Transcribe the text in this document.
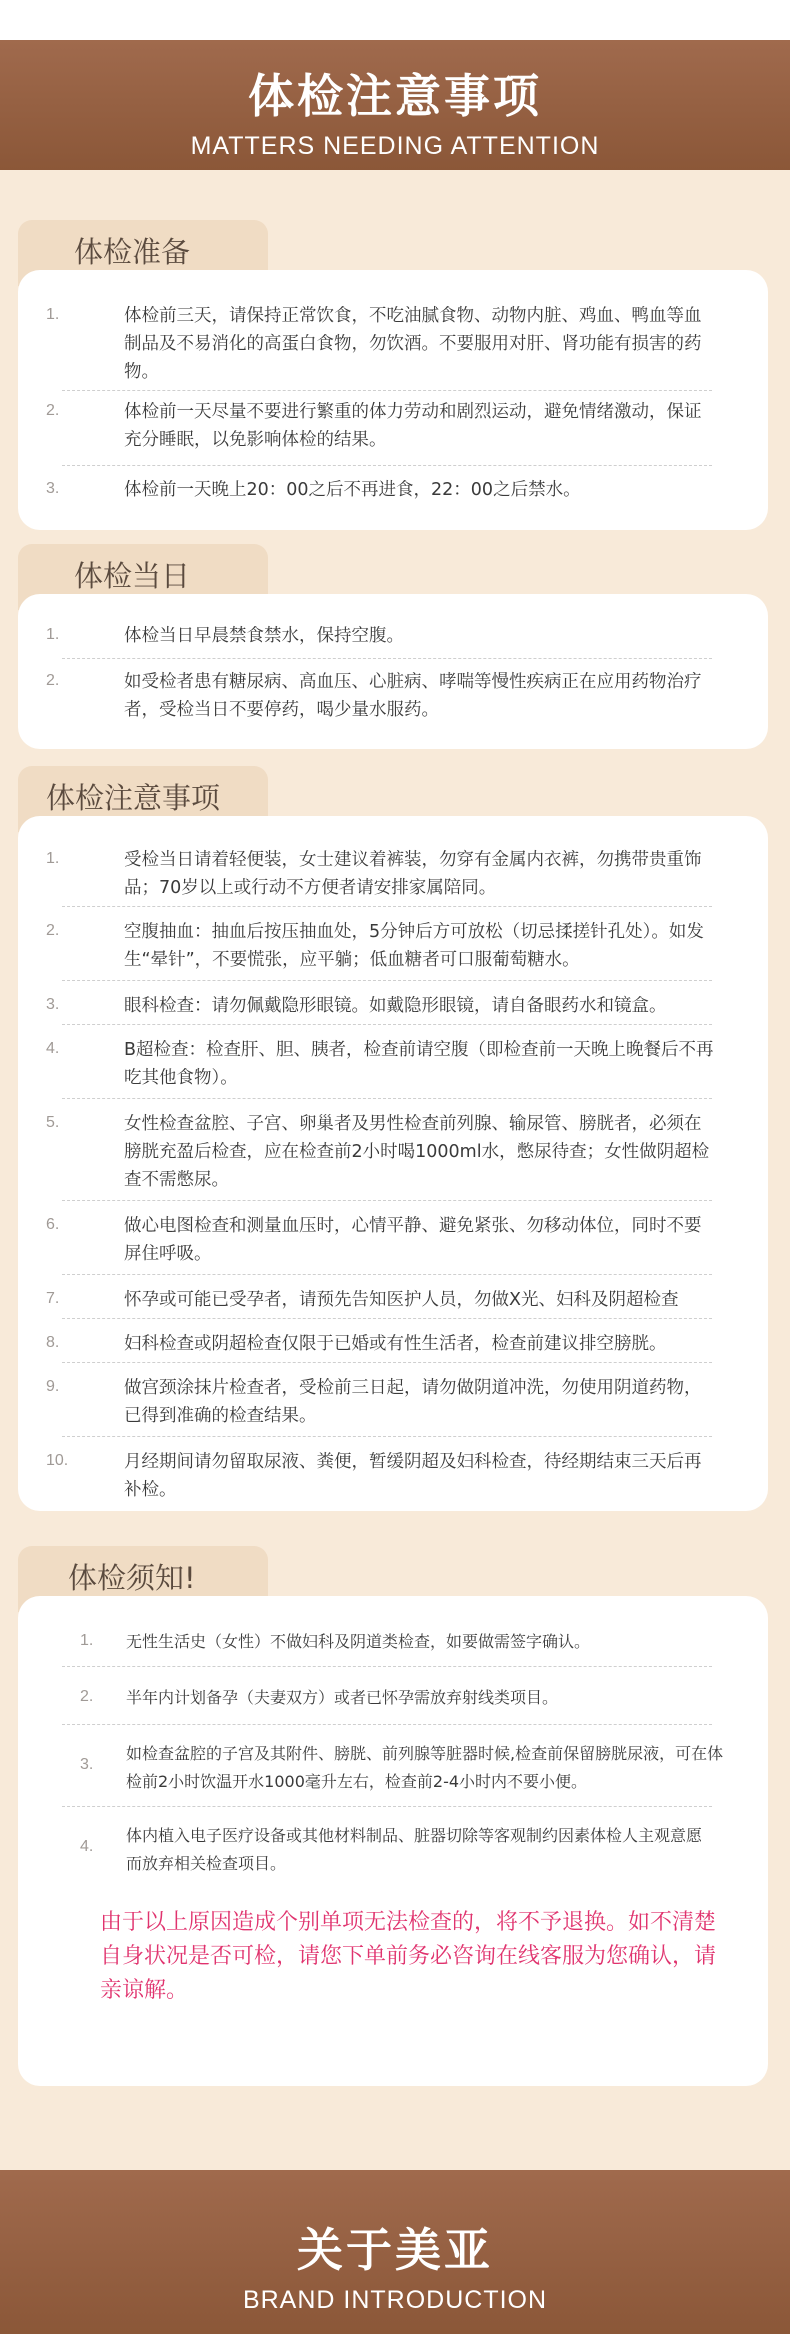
体检注意事项
MATTERS NEEDING ATTENTION
体检准备
1.	体检前三天，请保持正常饮食，不吃油腻食物、动物内脏、鸡血、鸭血等血制品及不易消化的高蛋白食物，勿饮酒。不要服用对肝、肾功能有损害的药物。

2.	体检前一天尽量不要进行繁重的体力劳动和剧烈运动，避免情绪激动，保证充分睡眠，以免影响体检的结果。

3.	体检前一天晚上20：00之后不再进食，22：00之后禁水。

体检当日
1.	体检当日早晨禁食禁水，保持空腹。

2.	如受检者患有糖尿病、高血压、心脏病、哮喘等慢性疾病正在应用药物治疗者，受检当日不要停药，喝少量水服药。

体检注意事项
1.	受检当日请着轻便装，女士建议着裤装，勿穿有金属内衣裤，勿携带贵重饰品；70岁以上或行动不方便者请安排家属陪同。

2.	空腹抽血：抽血后按压抽血处，5分钟后方可放松（切忌揉搓针孔处）。如发生“晕针”，不要慌张，应平躺；低血糖者可口服葡萄糖水。

3.	眼科检查：请勿佩戴隐形眼镜。如戴隐形眼镜，请自备眼药水和镜盒。

4.	B超检查：检查肝、胆、胰者，检查前请空腹（即检查前一天晚上晚餐后不再吃其他食物）。

5.	女性检查盆腔、子宫、卵巢者及男性检查前列腺、输尿管、膀胱者，必须在膀胱充盈后检查，应在检查前2小时喝1000ml水，憋尿待查；女性做阴超检查不需憋尿。

6.	做心电图检查和测量血压时，心情平静、避免紧张、勿移动体位，同时不要屏住呼吸。

7.	怀孕或可能已受孕者，请预先告知医护人员，勿做X光、妇科及阴超检查

8.	妇科检查或阴超检查仅限于已婚或有性生活者，检查前建议排空膀胱。

9.	做宫颈涂抹片检查者，受检前三日起，请勿做阴道冲洗，勿使用阴道药物，已得到准确的检查结果。

10.	月经期间请勿留取尿液、粪便，暂缓阴超及妇科检查，待经期结束三天后再补检。

体检须知!
1. 无性生活史（女性）不做妇科及阴道类检查，如要做需签字确认。

2. 半年内计划备孕（夫妻双方）或者已怀孕需放弃射线类项目。

3.

如检查盆腔的子宫及其附件、膀胱、前列腺等脏器时候,检查前保留膀胱尿液，可在体检前2小时饮温开水1000毫升左右，检查前2-4小时内不要小便。

4.

体内植入电子医疗设备或其他材料制品、脏器切除等客观制约因素体检人主观意愿而放弃相关检查项目。

由于以上原因造成个别单项无法检查的，将不予退换。如不清楚自身状况是否可检，请您下单前务必咨询在线客服为您确认，请亲谅解。

关于美亚
BRAND INTRODUCTION
